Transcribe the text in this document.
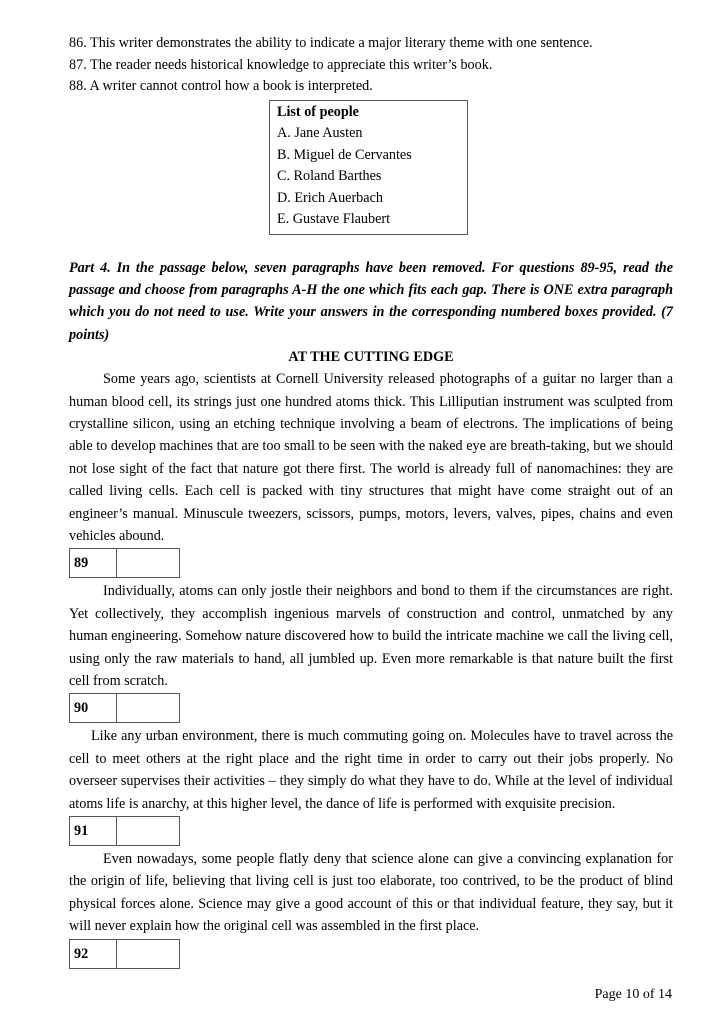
86. This writer demonstrates the ability to indicate a major literary theme with one sentence.
87. The reader needs historical knowledge to appreciate this writer’s book.
88. A writer cannot control how a book is interpreted.
List of people
A. Jane Austen
B. Miguel de Cervantes
C. Roland Barthes
D. Erich Auerbach
E. Gustave Flaubert
Part 4. In the passage below, seven paragraphs have been removed. For questions 89-95, read the passage and choose from paragraphs A-H the one which fits each gap. There is ONE extra paragraph which you do not need to use. Write your answers in the corresponding numbered boxes provided. (7 points)
AT THE CUTTING EDGE
Some years ago, scientists at Cornell University released photographs of a guitar no larger than a human blood cell, its strings just one hundred atoms thick. This Lilliputian instrument was sculpted from crystalline silicon, using an etching technique involving a beam of electrons. The implications of being able to develop machines that are too small to be seen with the naked eye are breath-taking, but we should not lose sight of the fact that nature got there first. The world is already full of nanomachines: they are called living cells. Each cell is packed with tiny structures that might have come straight out of an engineer’s manual. Minuscule tweezers, scissors, pumps, motors, levers, valves, pipes, chains and even vehicles abound.
89
Individually, atoms can only jostle their neighbors and bond to them if the circumstances are right. Yet collectively, they accomplish ingenious marvels of construction and control, unmatched by any human engineering. Somehow nature discovered how to build the intricate machine we call the living cell, using only the raw materials to hand, all jumbled up. Even more remarkable is that nature built the first cell from scratch.
90
Like any urban environment, there is much commuting going on. Molecules have to travel across the cell to meet others at the right place and the right time in order to carry out their jobs properly. No overseer supervises their activities – they simply do what they have to do. While at the level of individual atoms life is anarchy, at this higher level, the dance of life is performed with exquisite precision.
91
Even nowadays, some people flatly deny that science alone can give a convincing explanation for the origin of life, believing that living cell is just too elaborate, too contrived, to be the product of blind physical forces alone. Science may give a good account of this or that individual feature, they say, but it will never explain how the original cell was assembled in the first place.
92
Page 10 of 14
